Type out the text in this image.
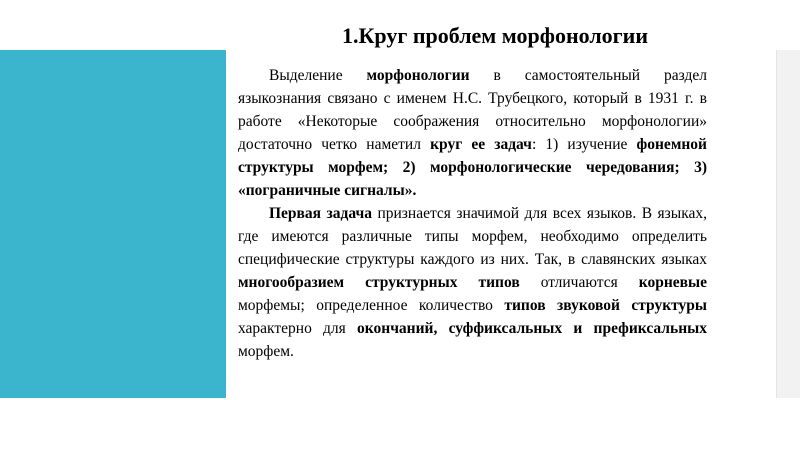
1.Круг проблем морфонологии

Выделение морфонологии в самостоятельный раздел языкознания связано с именем Н.С. Трубецкого, который в 1931 г. в работе «Некоторые соображения относительно морфонологии» достаточно четко наметил круг ее задач: 1) изучение фонемной структуры морфем; 2) морфонологические чередования; 3) «пограничные сигналы».

Первая задача признается значимой для всех языков. В языках, где имеются различные типы морфем, необходимо определить специфические структуры каждого из них. Так, в славянских языках многообразием структурных типов отличаются корневые морфемы; определенное количество типов звуковой структуры характерно для окончаний, суффиксальных и префиксальных морфем.
